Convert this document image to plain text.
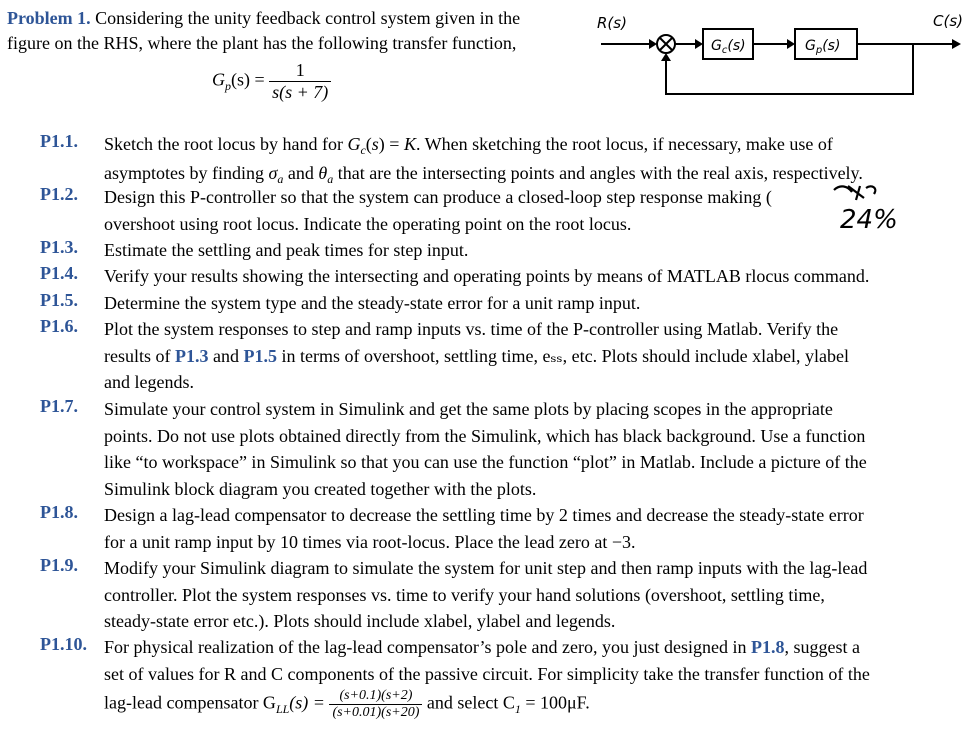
Problem 1. Considering the unity feedback control system given in the
figure on the RHS, where the plant has the following transfer function,
$G_p(s) = \frac{1}{s(s + 7)}$
R(s)	C(s)
$G_c(s)$	$G_p(s)$
P1.1. Sketch the root locus by hand for $G_c(s) = K$. When sketching the root locus, if necessary, make use of
asymptotes by finding $\sigma_a$ and $\theta_a$ that are the intersecting points and angles with the real axis, respectively.
P1.2. Design this P-controller so that the system can produce a closed-loop step response making (
overshoot using root locus. Indicate the operating point on the root locus.	24%
P1.3. Estimate the settling and peak times for step input.
P1.4. Verify your results showing the intersecting and operating points by means of MATLAB rlocus command.
P1.5. Determine the system type and the steady-state error for a unit ramp input.
P1.6. Plot the system responses to step and ramp inputs vs. time of the P-controller using Matlab. Verify the
results of P1.3 and P1.5 in terms of overshoot, settling time, eₛₛ, etc. Plots should include xlabel, ylabel
and legends.
P1.7. Simulate your control system in Simulink and get the same plots by placing scopes in the appropriate
points. Do not use plots obtained directly from the Simulink, which has black background. Use a function
like “to workspace” in Simulink so that you can use the function “plot” in Matlab. Include a picture of the
Simulink block diagram you created together with the plots.
P1.8. Design a lag-lead compensator to decrease the settling time by 2 times and decrease the steady-state error
for a unit ramp input by 10 times via root-locus. Place the lead zero at −3.
P1.9. Modify your Simulink diagram to simulate the system for unit step and then ramp inputs with the lag-lead
controller. Plot the system responses vs. time to verify your hand solutions (overshoot, settling time,
steady-state error etc.). Plots should include xlabel, ylabel and legends.
P1.10. For physical realization of the lag-lead compensator’s pole and zero, you just designed in P1.8, suggest a
set of values for R and C components of the passive circuit. For simplicity take the transfer function of the
lag-lead compensator $G_{LL}(s) = \frac{(s+0.1)(s+2)}{(s+0.01)(s+20)}$ and select $C_1 = 100\mu F$.
